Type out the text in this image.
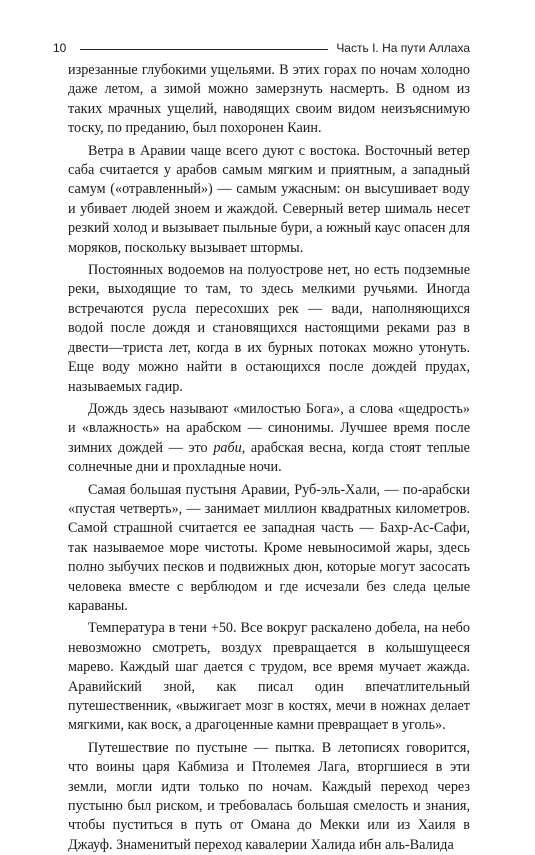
10	Часть I. На пути Аллаха

изрезанные глубокими ущельями. В этих горах по ночам холодно даже летом, а зимой можно замерзнуть насмерть. В одном из таких мрачных ущелий, наводящих своим видом неизъяснимую тоску, по преданию, был похоронен Каин.

Ветра в Аравии чаще всего дуют с востока. Восточный ветер саба считается у арабов самым мягким и приятным, а западный самум («отравленный») — самым ужасным: он высушивает воду и убивает людей зноем и жаждой. Северный ветер шималь несет резкий холод и вызывает пыльные бури, а южный каус опасен для моряков, поскольку вызывает штормы.

Постоянных водоемов на полуострове нет, но есть подземные реки, выходящие то там, то здесь мелкими ручьями. Иногда встречаются русла пересохших рек — вади, наполняющихся водой после дождя и становящихся настоящими реками раз в двести—триста лет, когда в их бурных потоках можно утонуть. Еще воду можно найти в остающихся после дождей прудах, называемых гадир.

Дождь здесь называют «милостью Бога», а слова «щедрость» и «влажность» на арабском — синонимы. Лучшее время после зимних дождей — это раби, арабская весна, когда стоят теплые солнечные дни и прохладные ночи.

Самая большая пустыня Аравии, Руб-эль-Хали, — по-арабски «пустая четверть», — занимает миллион квадратных километров. Самой страшной считается ее западная часть — Бахр-Ас-Сафи, так называемое море чистоты. Кроме невыносимой жары, здесь полно зыбучих песков и подвижных дюн, которые могут засосать человека вместе с верблюдом и где исчезали без следа целые караваны.

Температура в тени +50. Все вокруг раскалено добела, на небо невозможно смотреть, воздух превращается в колышущееся марево. Каждый шаг дается с трудом, все время мучает жажда. Аравийский зной, как писал один впечатлительный путешественник, «выжигает мозг в костях, мечи в ножнах делает мягкими, как воск, а драгоценные камни превращает в уголь».

Путешествие по пустыне — пытка. В летописях говорится, что воины царя Кабмиза и Птолемея Лага, вторгшиеся в эти земли, могли идти только по ночам. Каждый переход через пустыню был риском, и требовалась большая смелость и знания, чтобы пуститься в путь от Омана до Мекки или из Хаиля в Джауф. Знаменитый переход кавалерии Халида ибн аль-Валида
